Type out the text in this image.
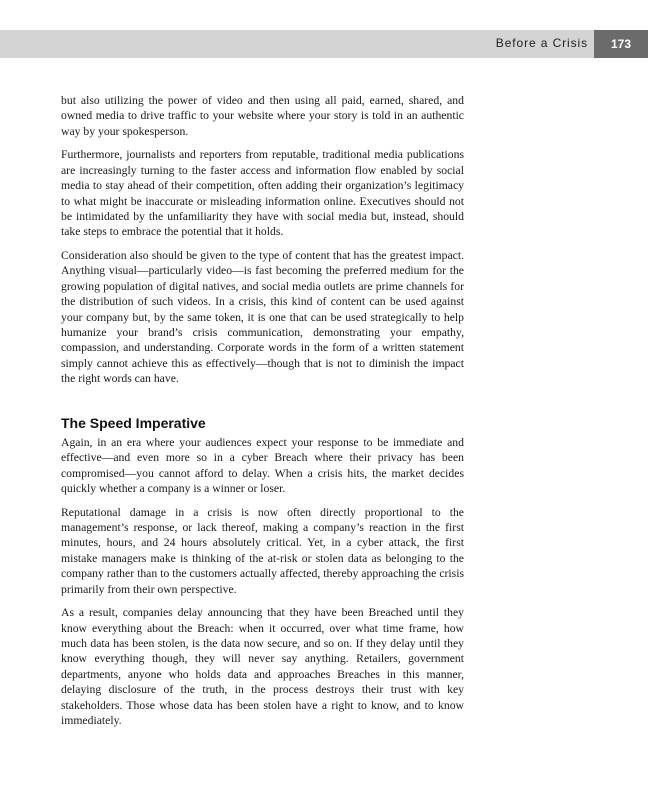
Before a Crisis	173

but also utilizing the power of video and then using all paid, earned, shared, and owned media to drive traffic to your website where your story is told in an authentic way by your spokesperson.

Furthermore, journalists and reporters from reputable, traditional media publications are increasingly turning to the faster access and information flow enabled by social media to stay ahead of their competition, often adding their organization’s legitimacy to what might be inaccurate or misleading information online. Executives should not be intimidated by the unfamiliarity they have with social media but, instead, should take steps to embrace the potential that it holds.

Consideration also should be given to the type of content that has the greatest impact. Anything visual—particularly video—is fast becoming the preferred medium for the growing population of digital natives, and social media outlets are prime channels for the distribution of such videos. In a crisis, this kind of content can be used against your company but, by the same token, it is one that can be used strategically to help humanize your brand’s crisis communication, demonstrating your empathy, compassion, and understanding. Corporate words in the form of a written statement simply cannot achieve this as effectively—though that is not to diminish the impact the right words can have.

The Speed Imperative

Again, in an era where your audiences expect your response to be immediate and effective—and even more so in a cyber Breach where their privacy has been compromised—you cannot afford to delay. When a crisis hits, the market decides quickly whether a company is a winner or loser.

Reputational damage in a crisis is now often directly proportional to the management’s response, or lack thereof, making a company’s reaction in the first minutes, hours, and 24 hours absolutely critical. Yet, in a cyber attack, the first mistake managers make is thinking of the at-risk or stolen data as belonging to the company rather than to the customers actually affected, thereby approaching the crisis primarily from their own perspective.

As a result, companies delay announcing that they have been Breached until they know everything about the Breach: when it occurred, over what time frame, how much data has been stolen, is the data now secure, and so on. If they delay until they know everything though, they will never say anything. Retailers, government departments, anyone who holds data and approaches Breaches in this manner, delaying disclosure of the truth, in the process destroys their trust with key stakeholders. Those whose data has been stolen have a right to know, and to know immediately.
